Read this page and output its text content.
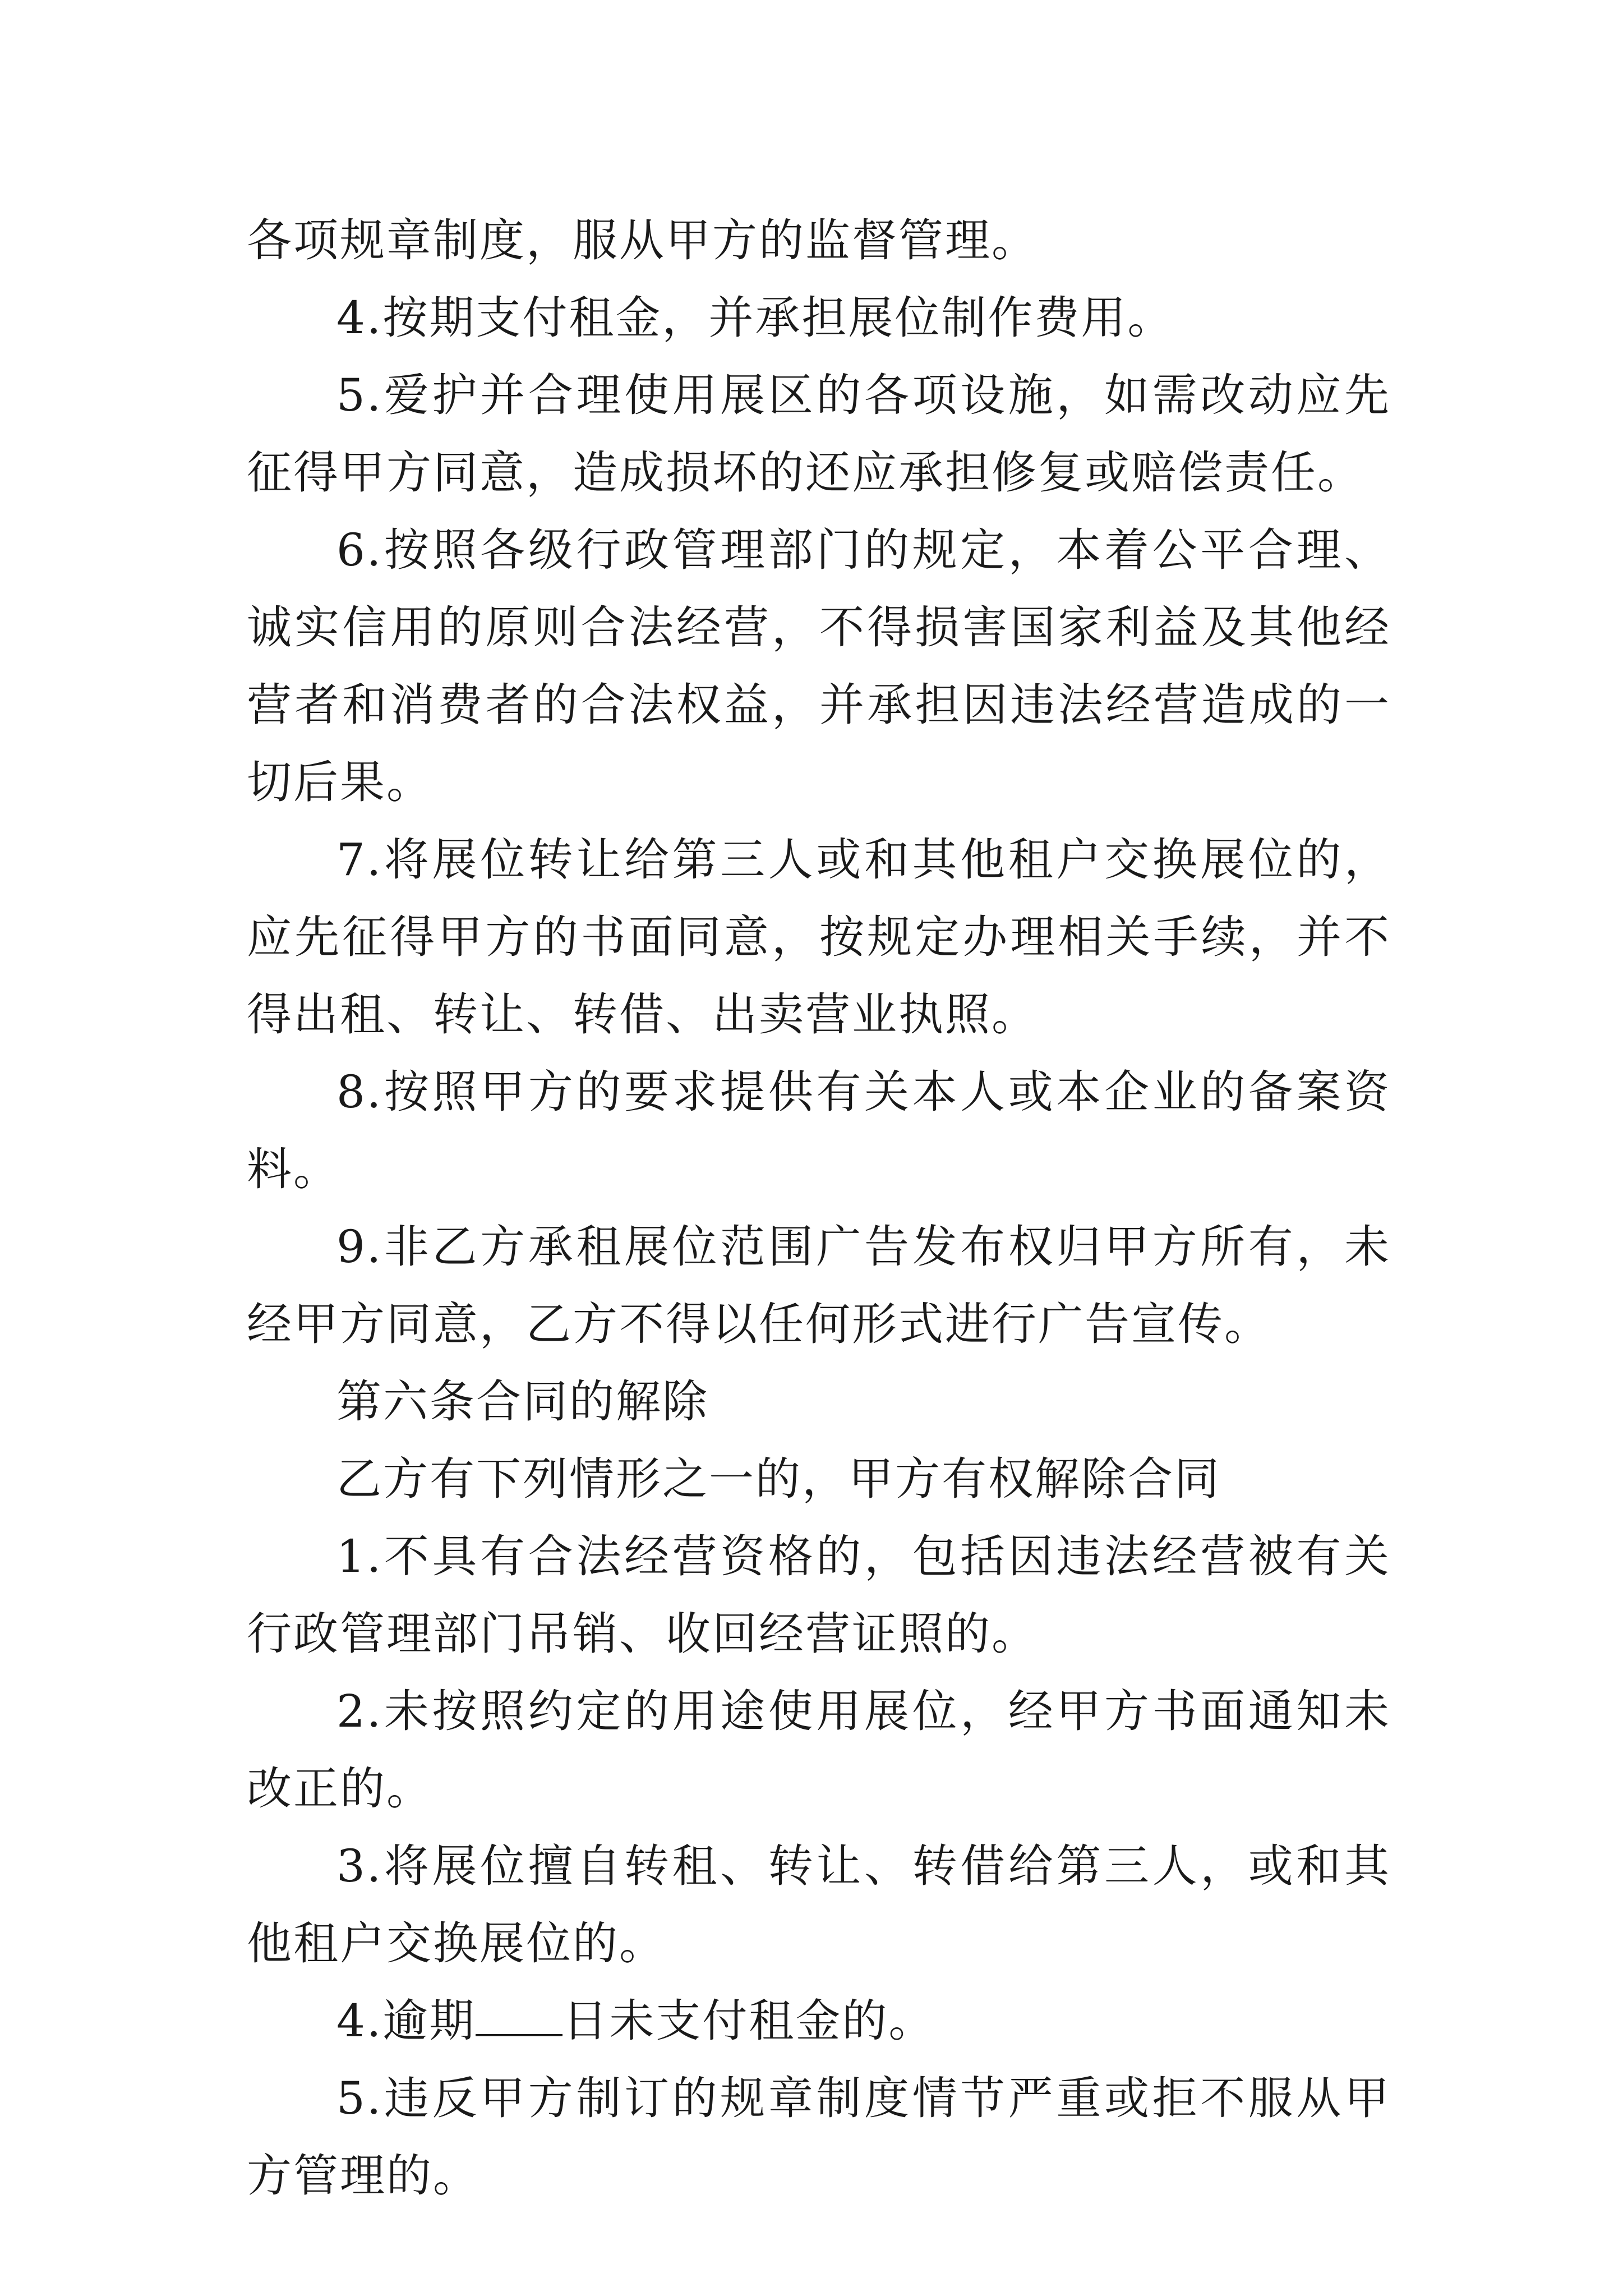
各项规章制度，服从甲方的监督管理。

4.按期支付租金，并承担展位制作费用。

5.爱护并合理使用展区的各项设施，如需改动应先征得甲方同意，造成损坏的还应承担修复或赔偿责任。

6.按照各级行政管理部门的规定，本着公平合理、诚实信用的原则合法经营，不得损害国家利益及其他经营者和消费者的合法权益，并承担因违法经营造成的一切后果。

7.将展位转让给第三人或和其他租户交换展位的，应先征得甲方的书面同意，按规定办理相关手续，并不得出租、转让、转借、出卖营业执照。

8.按照甲方的要求提供有关本人或本企业的备案资料。

9.非乙方承租展位范围广告发布权归甲方所有，未经甲方同意，乙方不得以任何形式进行广告宣传。

第六条合同的解除

乙方有下列情形之一的，甲方有权解除合同

1.不具有合法经营资格的，包括因违法经营被有关行政管理部门吊销、收回经营证照的。

2.未按照约定的用途使用展位，经甲方书面通知未改正的。

3.将展位擅自转租、转让、转借给第三人，或和其他租户交换展位的。

4.逾期 日未支付租金的。

5.违反甲方制订的规章制度情节严重或拒不服从甲方管理的。
